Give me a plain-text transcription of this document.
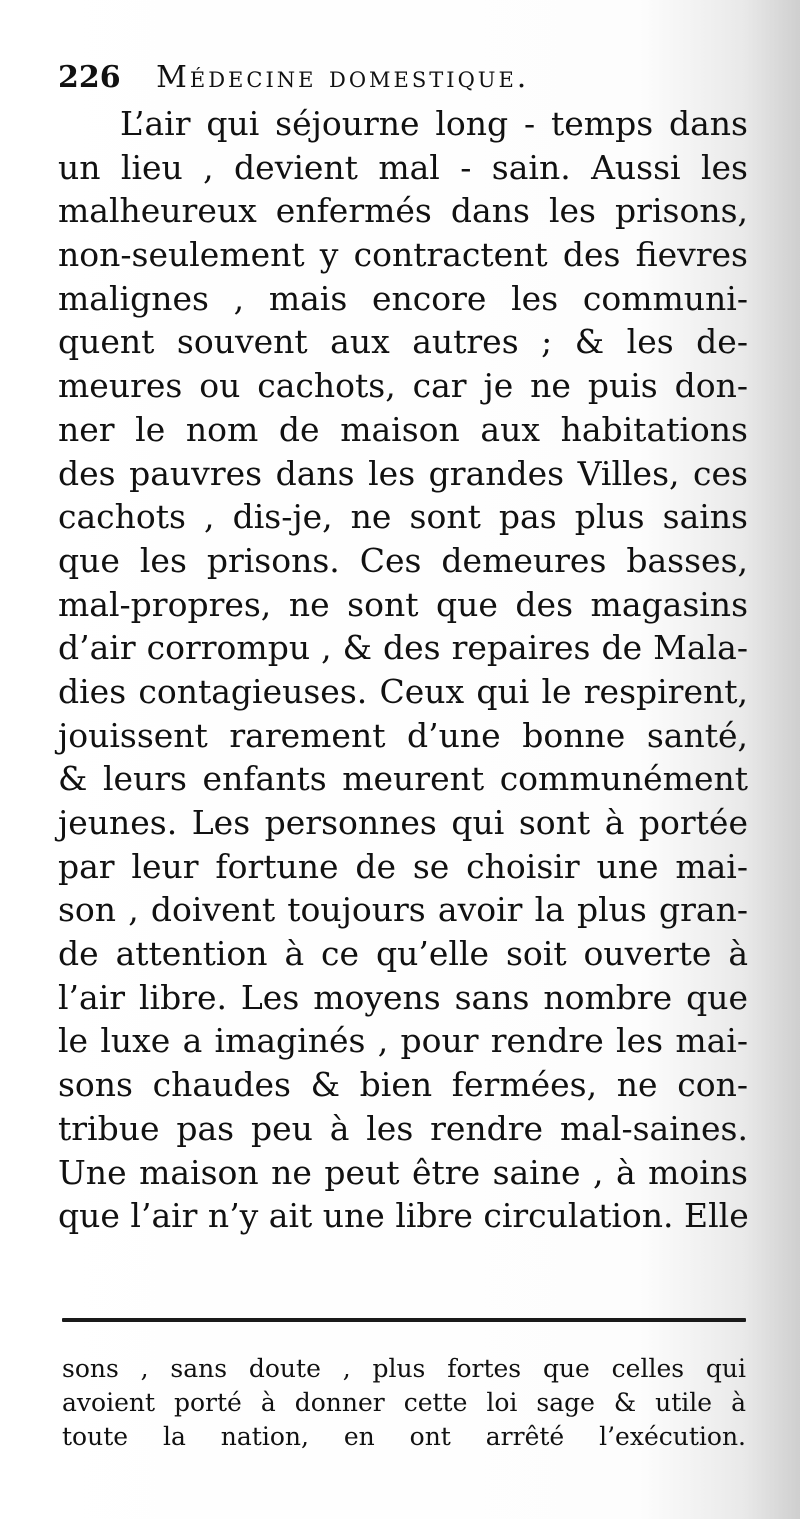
226 Médecine domestique.
L’air qui séjourne long - temps dans
un lieu , devient mal - sain. Aussi les
malheureux enfermés dans les prisons,
non-seulement y contractent des fievres
malignes , mais encore les communi-
quent souvent aux autres ; & les de-
meures ou cachots, car je ne puis don-
ner le nom de maison aux habitations
des pauvres dans les grandes Villes, ces
cachots , dis-je, ne sont pas plus sains
que les prisons. Ces demeures basses,
mal-propres, ne sont que des magasins
d’air corrompu , & des repaires de Mala-
dies contagieuses. Ceux qui le respirent,
jouissent rarement d’une bonne santé,
& leurs enfants meurent communément
jeunes. Les personnes qui sont à portée
par leur fortune de se choisir une mai-
son , doivent toujours avoir la plus gran-
de attention à ce qu’elle soit ouverte à
l’air libre. Les moyens sans nombre que
le luxe a imaginés , pour rendre les mai-
sons chaudes & bien fermées, ne con-
tribue pas peu à les rendre mal-saines.
Une maison ne peut être saine , à moins
que l’air n’y ait une libre circulation. Elle
sons , sans doute , plus fortes que celles qui
avoient porté à donner cette loi sage & utile à
toute la nation, en ont arrêté l’exécution.
